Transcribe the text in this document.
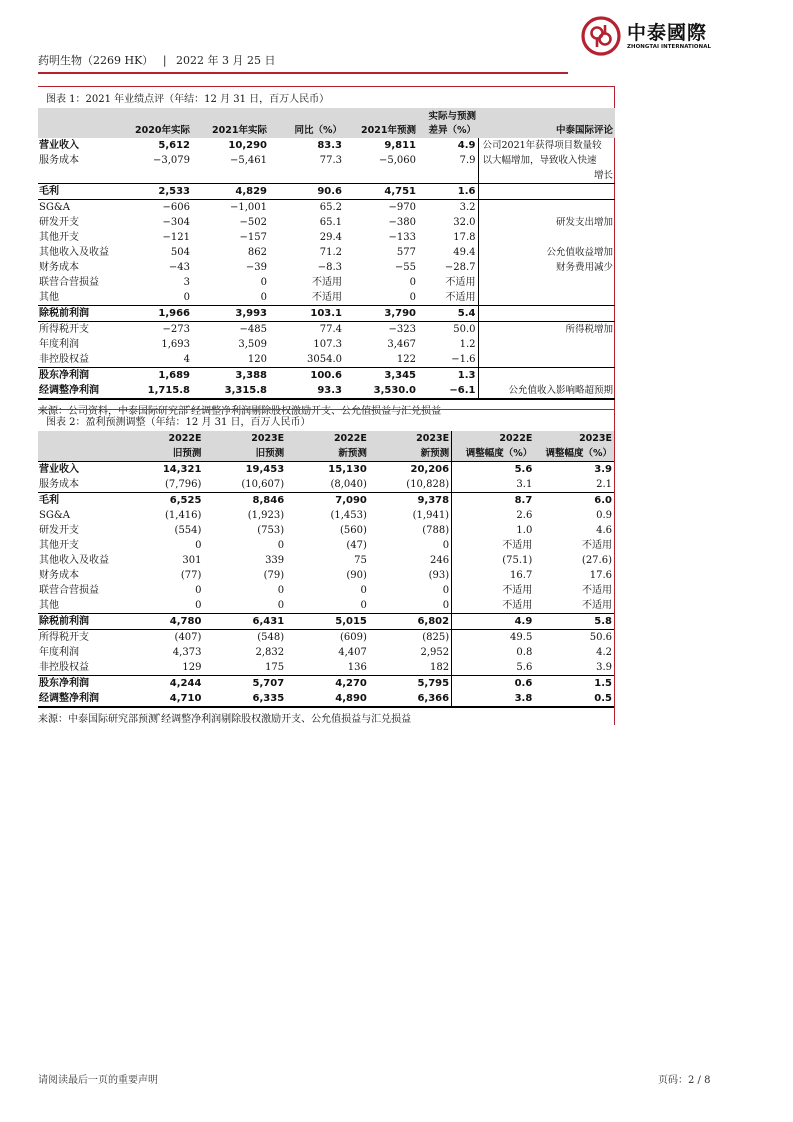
药明生物（2269 HK） | 2022 年 3 月 25 日
中泰國際
ZHONGTAI INTERNATIONAL
图表 1：2021 年业绩点评（年结：12 月 31 日，百万人民币）
	2020年实际	2021年实际	同比（%）	2021年预测	实际与预测
差异（%）	中泰国际评论
营业收入	5,612	10,290	83.3	9,811	4.9	公司2021年获得项目数量较
服务成本	−3,079	−5,461	77.3	−5,060	7.9	以大幅增加，导致收入快速
						增长
毛利	2,533	4,829	90.6	4,751	1.6	
SG&A	−606	−1,001	65.2	−970	3.2	
研发开支	−304	−502	65.1	−380	32.0	研发支出增加
其他开支	−121	−157	29.4	−133	17.8	
其他收入及收益	504	862	71.2	577	49.4	公允值收益增加
财务成本	−43	−39	−8.3	−55	−28.7	财务费用减少
联营合营损益	3	0	不适用	0	不适用	
其他	0	0	不适用	0	不适用	
除税前利润	1,966	3,993	103.1	3,790	5.4	
所得税开支	−273	−485	77.4	−323	50.0	所得税增加
年度利润	1,693	3,509	107.3	3,467	1.2	
非控股权益	4	120	3054.0	122	−1.6	
股东净利润	1,689	3,388	100.6	3,345	1.3	
经调整净利润	1,715.8	3,315.8	93.3	3,530.0	−6.1	公允值收入影响略超预期
来源：公司资料，中泰国际研究部 ̂经调整净利润剔除股权激励开支、公允值损益与汇兑损益
图表 2：盈利预测调整（年结：12 月 31 日，百万人民币）
	2022E	2023E	2022E	2023E	2022E	2023E
	旧预测	旧预测	新预测	新预测	调整幅度（%）	调整幅度（%）
营业收入	14,321	19,453	15,130	20,206	5.6	3.9
服务成本	(7,796)	(10,607)	(8,040)	(10,828)	3.1	2.1
毛利	6,525	8,846	7,090	9,378	8.7	6.0
SG&A	(1,416)	(1,923)	(1,453)	(1,941)	2.6	0.9
研发开支	(554)	(753)	(560)	(788)	1.0	4.6
其他开支	0	0	(47)	0	不适用	不适用
其他收入及收益	301	339	75	246	(75.1)	(27.6)
财务成本	(77)	(79)	(90)	(93)	16.7	17.6
联营合营损益	0	0	0	0	不适用	不适用
其他	0	0	0	0	不适用	不适用
除税前利润	4,780	6,431	5,015	6,802	4.9	5.8
所得税开支	(407)	(548)	(609)	(825)	49.5	50.6
年度利润	4,373	2,832	4,407	2,952	0.8	4.2
非控股权益	129	175	136	182	5.6	3.9
股东净利润	4,244	5,707	4,270	5,795	0.6	1.5
经调整净利润	4,710	6,335	4,890	6,366	3.8	0.5
来源：中泰国际研究部预测 ̂经调整净利润剔除股权激励开支、公允值损益与汇兑损益
请阅读最后一页的重要声明	页码：2 / 8
